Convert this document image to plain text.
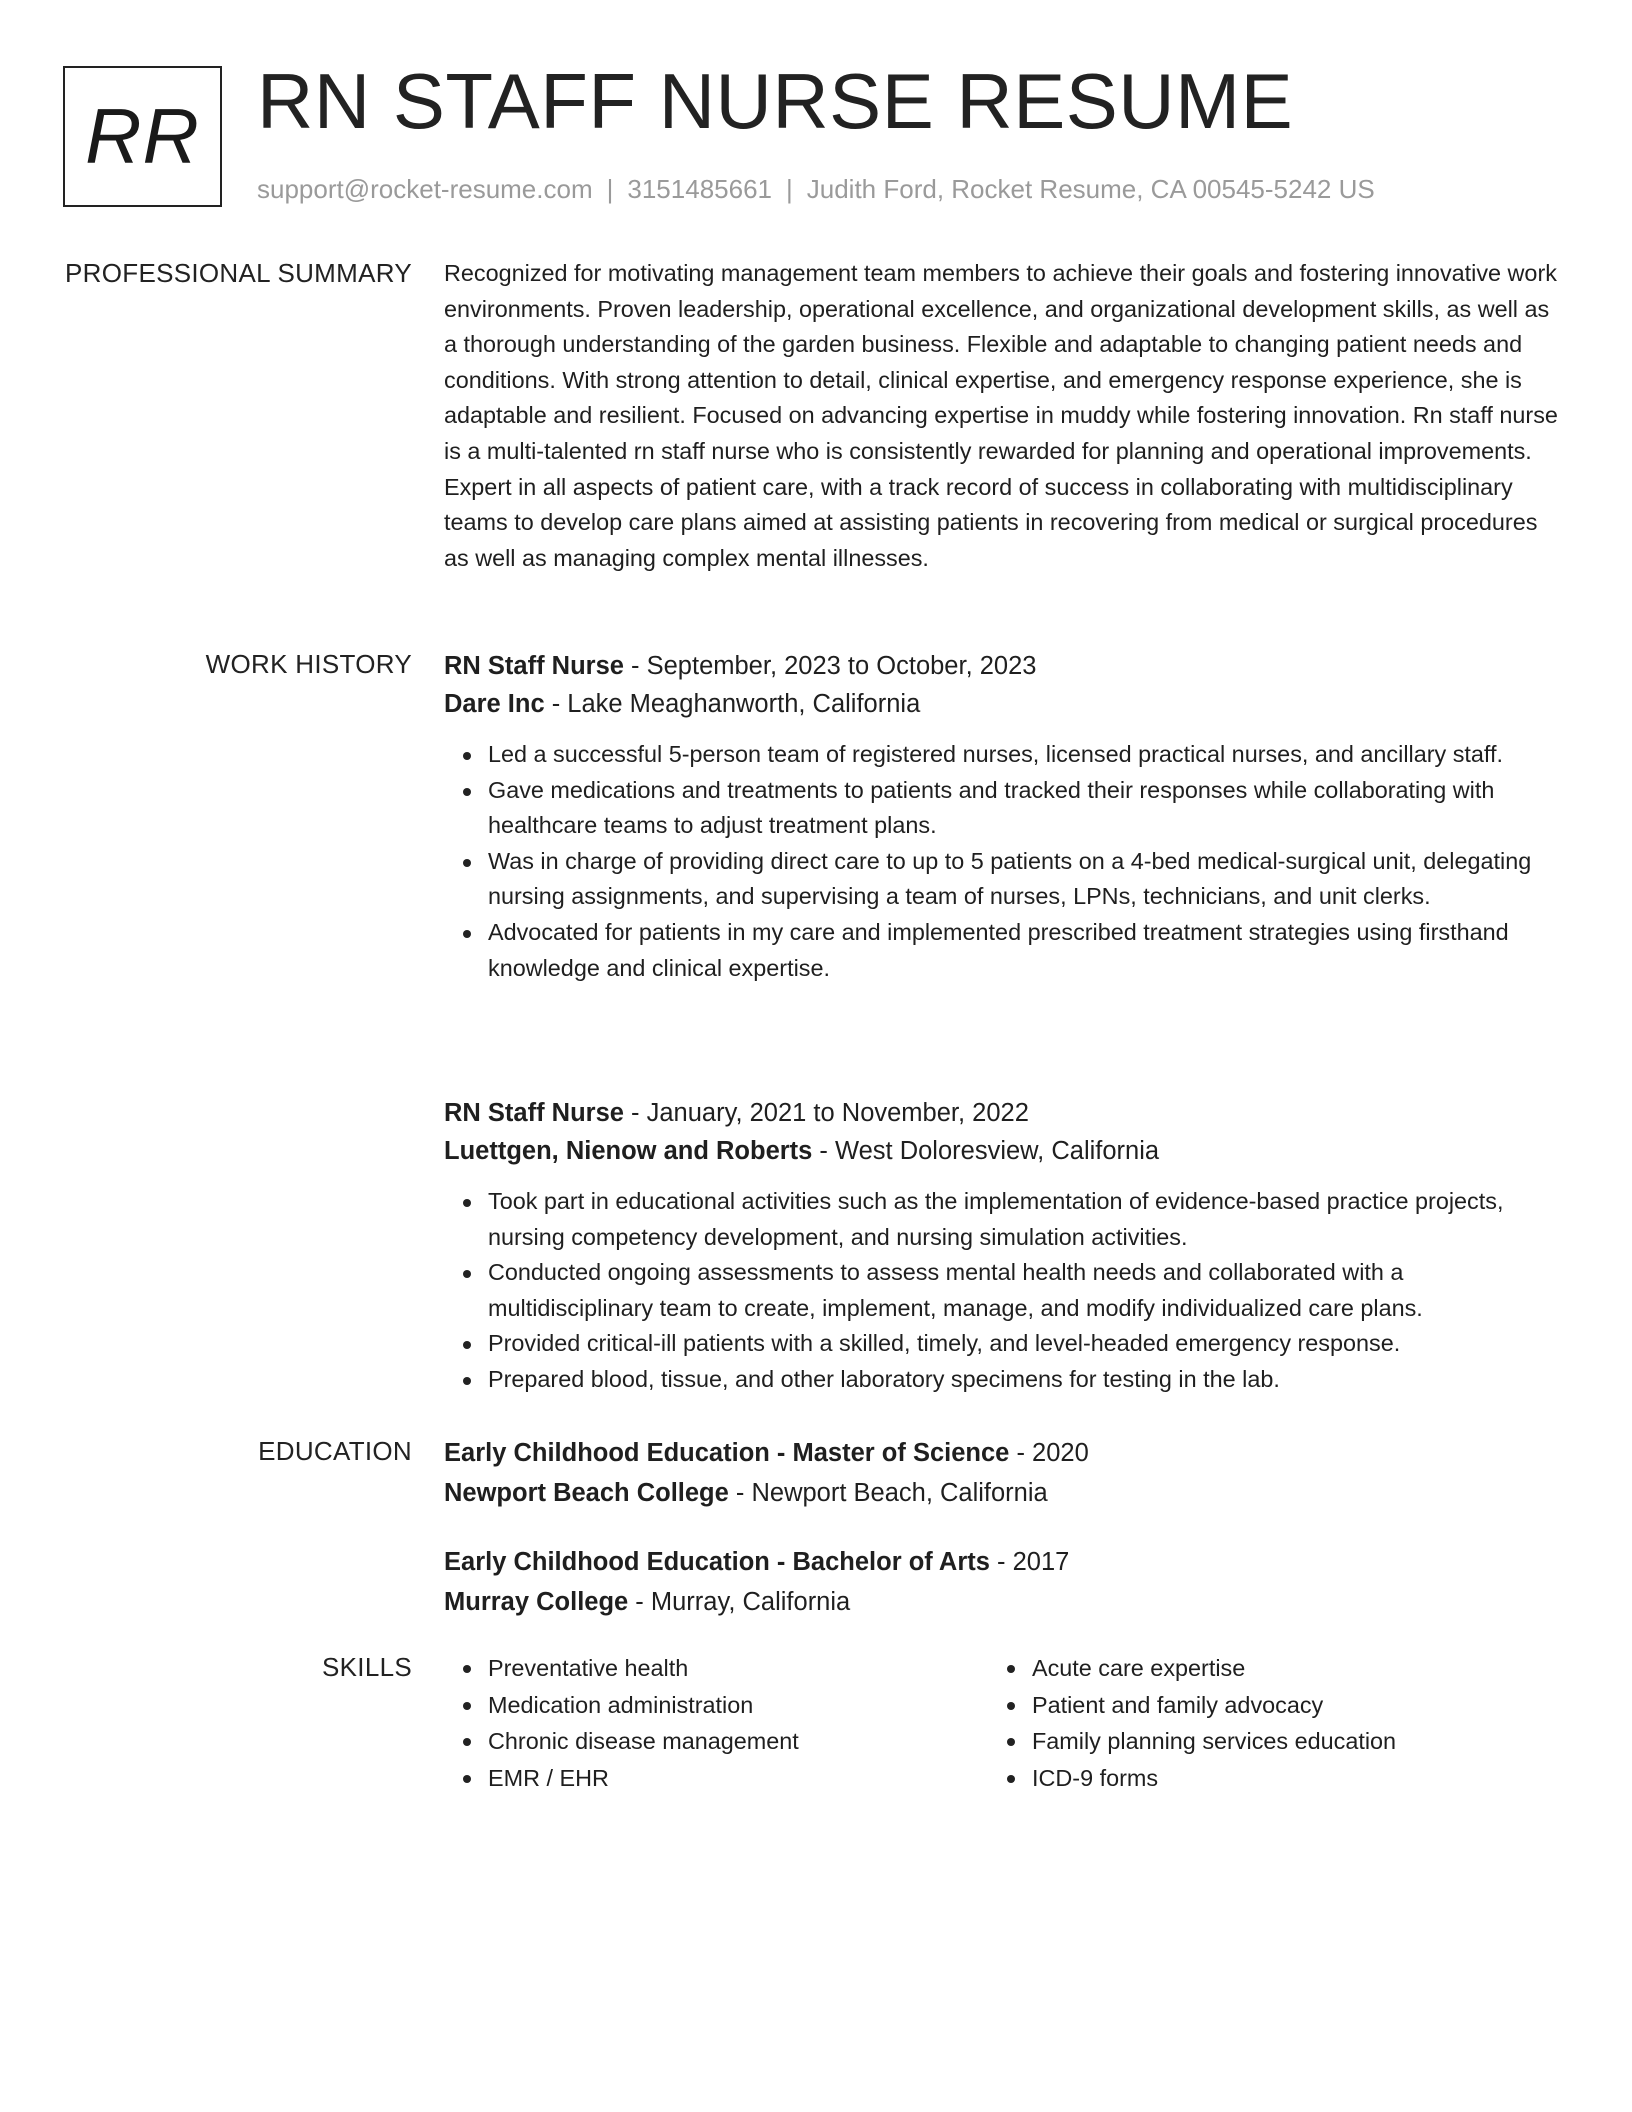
RR RN STAFF NURSE RESUME
support@rocket-resume.com | 3151485661 | Judith Ford, Rocket Resume, CA 00545-5242 US
PROFESSIONAL SUMMARY Recognized for motivating management team members to achieve their goals and fostering innovative work environments. Proven leadership, operational excellence, and organizational development skills, as well as a thorough understanding of the garden business. Flexible and adaptable to changing patient needs and conditions. With strong attention to detail, clinical expertise, and emergency response experience, she is adaptable and resilient. Focused on advancing expertise in muddy while fostering innovation. Rn staff nurse is a multi-talented rn staff nurse who is consistently rewarded for planning and operational improvements. Expert in all aspects of patient care, with a track record of success in collaborating with multidisciplinary teams to develop care plans aimed at assisting patients in recovering from medical or surgical procedures as well as managing complex mental illnesses.

WORK HISTORY RN Staff Nurse - September, 2023 to October, 2023
Dare Inc - Lake Meaghanworth, California
Led a successful 5-person team of registered nurses, licensed practical nurses, and ancillary staff.
Gave medications and treatments to patients and tracked their responses while collaborating with healthcare teams to adjust treatment plans.
Was in charge of providing direct care to up to 5 patients on a 4-bed medical-surgical unit, delegating nursing assignments, and supervising a team of nurses, LPNs, technicians, and unit clerks.
Advocated for patients in my care and implemented prescribed treatment strategies using firsthand knowledge and clinical expertise.
RN Staff Nurse - January, 2021 to November, 2022
Luettgen, Nienow and Roberts - West Doloresview, California
Took part in educational activities such as the implementation of evidence-based practice projects, nursing competency development, and nursing simulation activities.
Conducted ongoing assessments to assess mental health needs and collaborated with a multidisciplinary team to create, implement, manage, and modify individualized care plans.
Provided critical-ill patients with a skilled, timely, and level-headed emergency response.
Prepared blood, tissue, and other laboratory specimens for testing in the lab.
EDUCATION Early Childhood Education - Master of Science - 2020
Newport Beach College - Newport Beach, California
Early Childhood Education - Bachelor of Arts - 2017
Murray College - Murray, California
SKILLS	Preventative health
Medication administration
Chronic disease management
EMR / EHR
Acute care expertise
Patient and family advocacy
Family planning services education
ICD-9 forms
